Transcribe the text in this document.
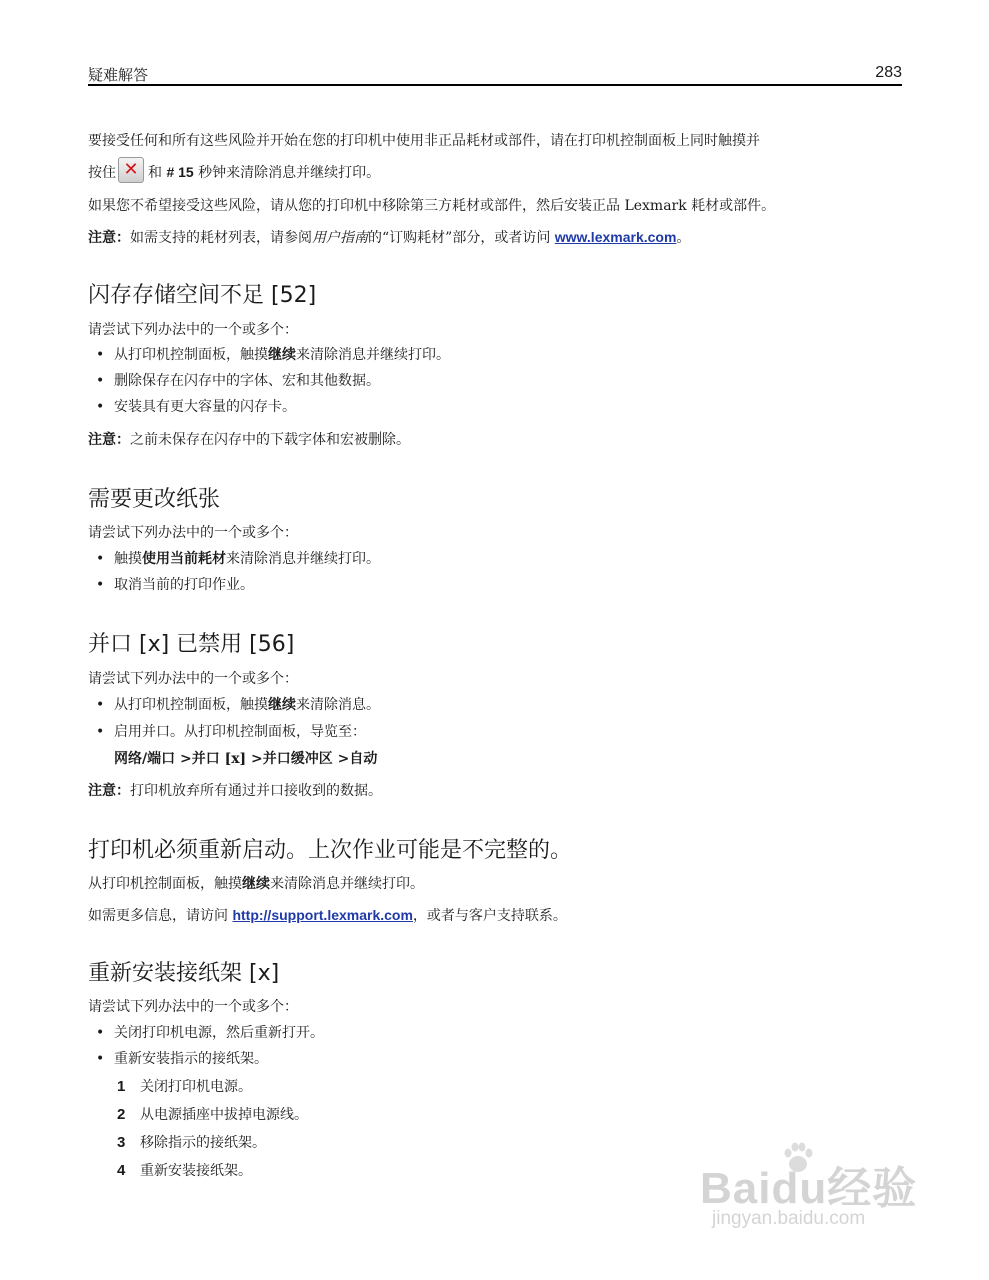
疑难解答	283
要接受任何和所有这些风险并开始在您的打印机中使用非正品耗材或部件，请在打印机控制面板上同时触摸并
按住 ✕ 和 # 15 秒钟来清除消息并继续打印。
如果您不希望接受这些风险，请从您的打印机中移除第三方耗材或部件，然后安装正品 Lexmark 耗材或部件。
注意：如需支持的耗材列表，请参阅用户指南的“订购耗材”部分，或者访问 www.lexmark.com。
闪存存储空间不足 [52]
请尝试下列办法中的一个或多个：
• 从打印机控制面板，触摸继续来清除消息并继续打印。
• 删除保存在闪存中的字体、宏和其他数据。
• 安装具有更大容量的闪存卡。
注意：之前未保存在闪存中的下载字体和宏被删除。
需要更改纸张
请尝试下列办法中的一个或多个：
• 触摸使用当前耗材来清除消息并继续打印。
• 取消当前的打印作业。
并口 [x] 已禁用 [56]
请尝试下列办法中的一个或多个：
• 从打印机控制面板，触摸继续来清除消息。
• 启用并口。从打印机控制面板，导览至：
网络/端口 >并口 [x] >并口缓冲区 >自动
注意：打印机放弃所有通过并口接收到的数据。
打印机必须重新启动。上次作业可能是不完整的。
从打印机控制面板，触摸继续来清除消息并继续打印。
如需更多信息，请访问 http://support.lexmark.com，或者与客户支持联系。
重新安装接纸架 [x]
请尝试下列办法中的一个或多个：
• 关闭打印机电源，然后重新打开。
• 重新安装指示的接纸架。
1 关闭打印机电源。
2 从电源插座中拔掉电源线。
3 移除指示的接纸架。
4 重新安装接纸架。	Baidu经验
jingyan.baidu.com
